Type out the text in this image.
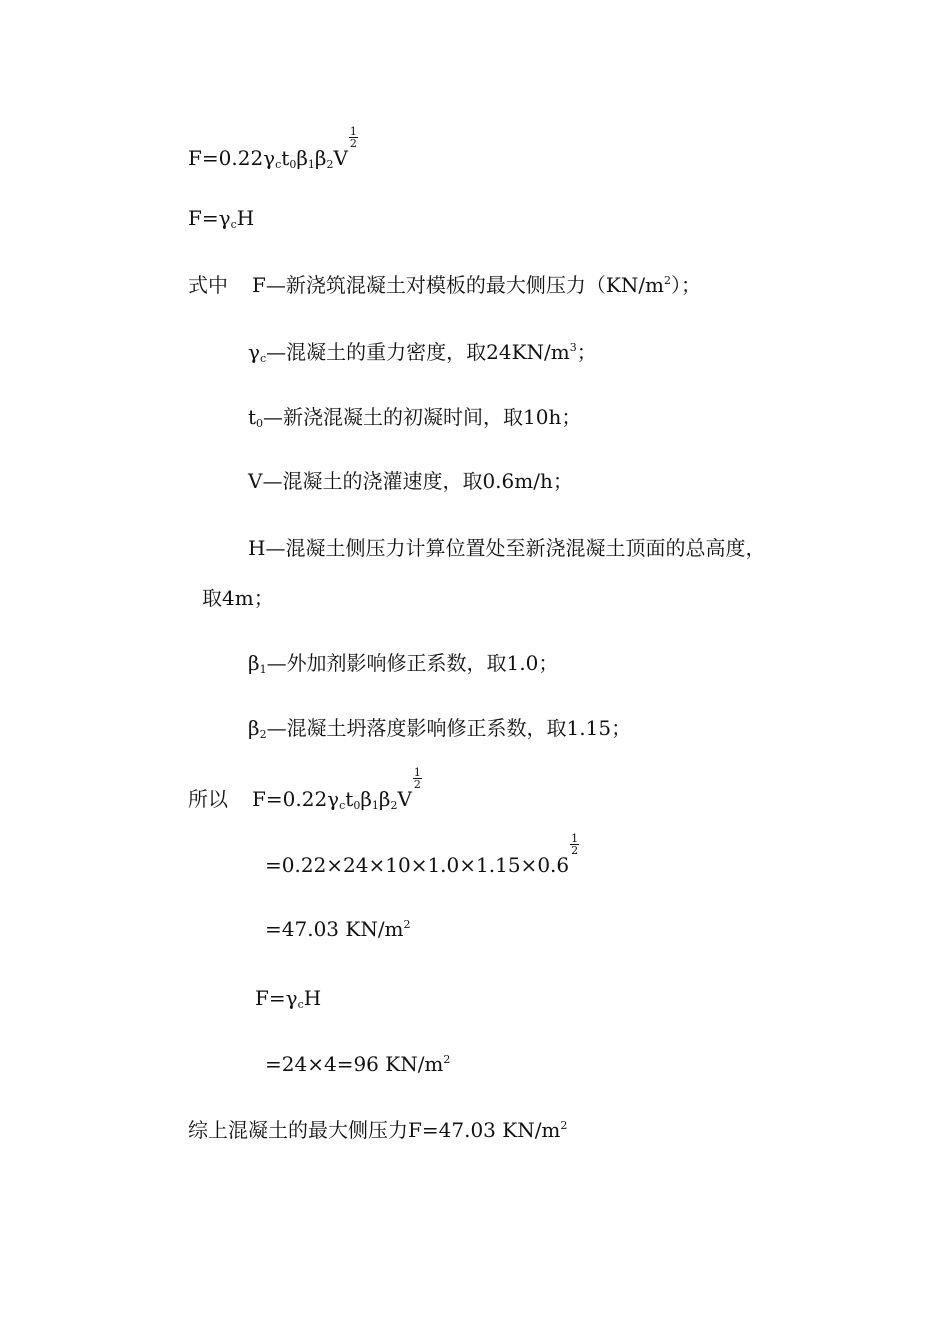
$F=0.22\gamma_ct_0\beta_1\beta_2V$
$\frac{1}{2}$
$F=\gamma_cH$
式中 F—新浇筑混凝土对模板的最大侧压力$(KN/m^2)$；
$\gamma_c—$混凝土的重力密度，取$24KN/m^3$；
$t_0—$新浇混凝土的初凝时间，取10h；
V—混凝土的浇灌速度，取0.6m/h；
H—混凝土侧压力计算位置处至新浇混凝土顶面的总高度，
取4m；
$\beta_1—$外加剂影响修正系数，取1.0；
$\beta_2—$混凝土坍落度影响修正系数，取1.15；
所以 $F=0.22\gamma_ct_0\beta_1\beta_2V$
$\frac{1}{2}$
=0.22×24×10×1.0×1.15×0.6
$\frac{1}{2}$
=47.03 $KN/m^2$
$F=\gamma_cH$
=24×4=96 $KN/m^2$
综上混凝土的最大侧压力F=47.03 $KN/m^2$
